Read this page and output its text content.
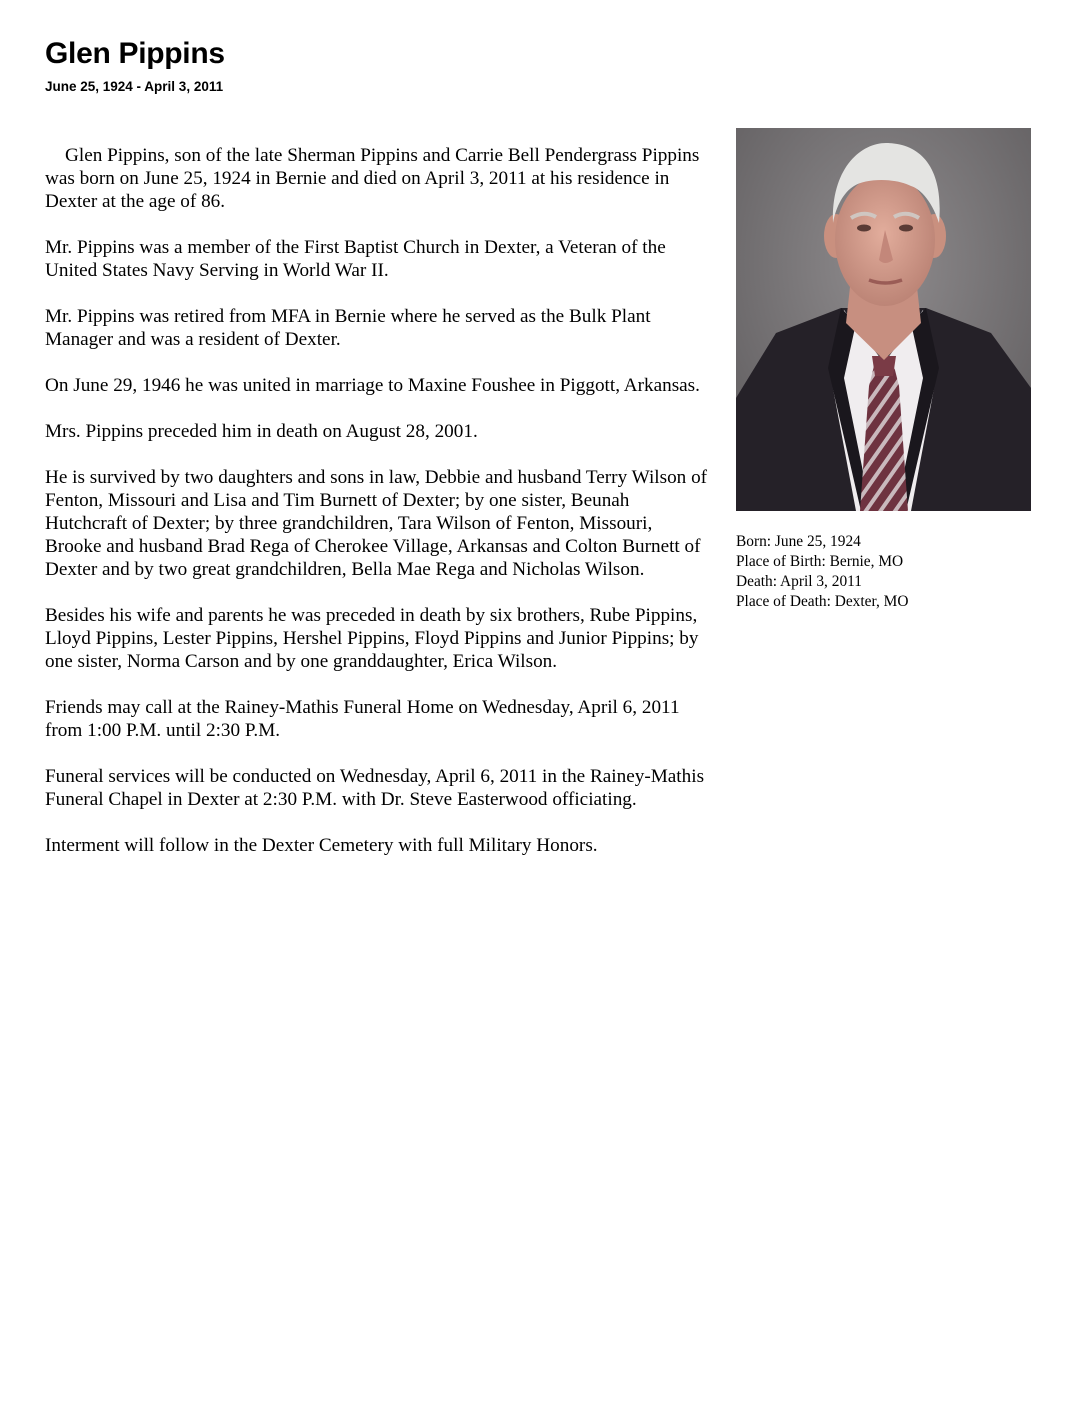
Glen Pippins
June 25, 1924 - April 3, 2011

Glen Pippins, son of the late Sherman Pippins and Carrie Bell Pendergrass Pippins was born on June 25, 1924 in Bernie and died on April 3, 2011 at his residence in Dexter at the age of 86.

Mr. Pippins was a member of the First Baptist Church in Dexter, a Veteran of the United States Navy Serving in World War II.

Mr. Pippins was retired from MFA in Bernie where he served as the Bulk Plant Manager and was a resident of Dexter.

On June 29, 1946 he was united in marriage to Maxine Foushee in Piggott, Arkansas.

Mrs. Pippins preceded him in death on August 28, 2001.

He is survived by two daughters and sons in law, Debbie and husband Terry Wilson of Fenton, Missouri and Lisa and Tim Burnett of Dexter; by one sister, Beunah Hutchcraft of Dexter; by three grandchildren, Tara Wilson of Fenton, Missouri, Brooke and husband Brad Rega of Cherokee Village, Arkansas and Colton Burnett of Dexter and by two great grandchildren, Bella Mae Rega and Nicholas Wilson.

Besides his wife and parents he was preceded in death by six brothers, Rube Pippins, Lloyd Pippins, Lester Pippins, Hershel Pippins, Floyd Pippins and Junior Pippins; by one sister, Norma Carson and by one granddaughter, Erica Wilson.

Friends may call at the Rainey-Mathis Funeral Home on Wednesday, April 6, 2011 from 1:00 P.M. until 2:30 P.M.

Funeral services will be conducted on Wednesday, April 6, 2011 in the Rainey-Mathis Funeral Chapel in Dexter at 2:30 P.M. with Dr. Steve Easterwood officiating.

Interment will follow in the Dexter Cemetery with full Military Honors.

Born: June 25, 1924
Place of Birth: Bernie, MO
Death: April 3, 2011
Place of Death: Dexter, MO
